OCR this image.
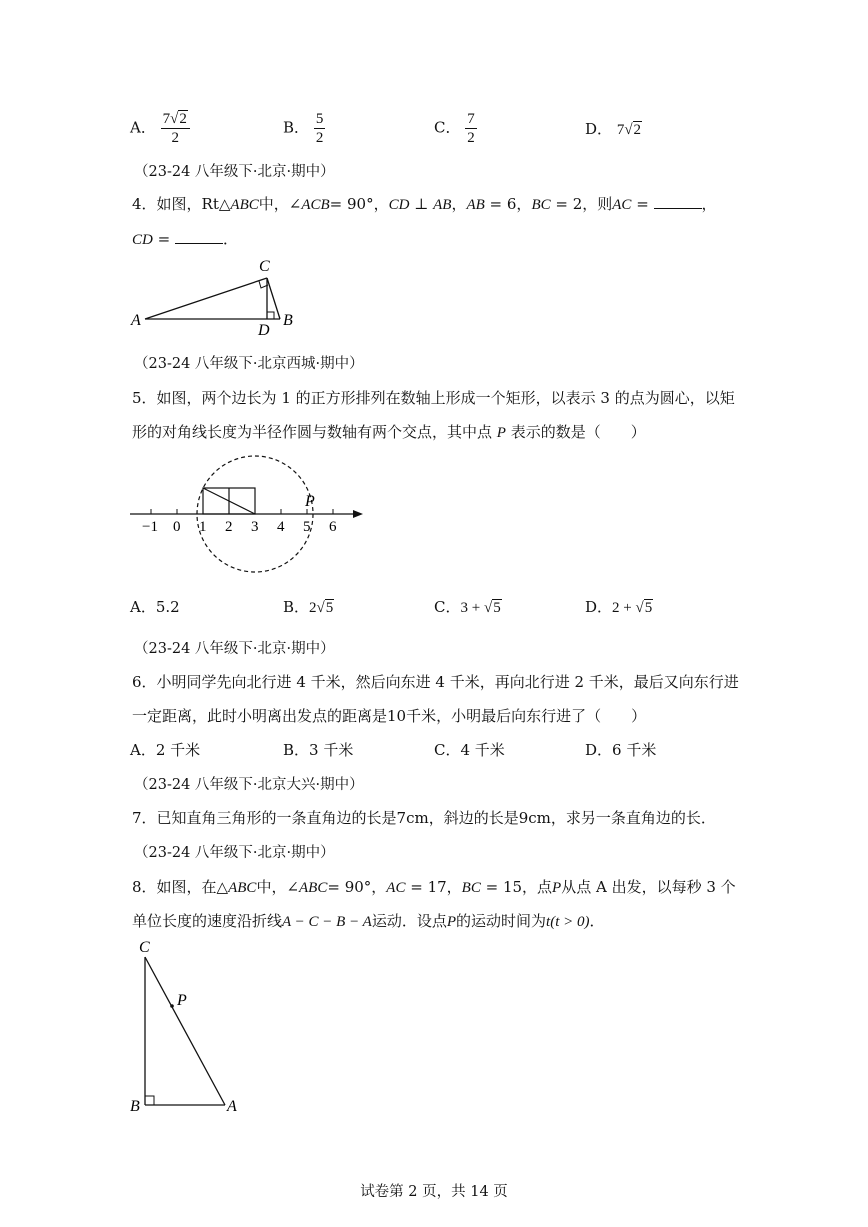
A． $\frac{7√2}{2}$	B． $\frac{5}{2}$	C． $\frac{7}{2}$	D． 7√2
（23-24 八年级下·北京·期中）
4．如图，Rt△ABC中，∠ACB= 90°，CD ⊥ AB，AB = 6，BC = 2，则AC =	，
CD =	．
A	B
C
D
（23-24 八年级下·北京西城·期中）
5．如图，两个边长为 1 的正方形排列在数轴上形成一个矩形，以表示 3 的点为圆心，以矩
形的对角线长度为半径作圆与数轴有两个交点，其中点 P 表示的数是（　　）
−1 0 1 2 3 4 5 6
P
A．5.2	B．2√5	C．3 + √5	D．2 + √5
（23-24 八年级下·北京·期中）
6．小明同学先向北行进 4 千米，然后向东进 4 千米，再向北行进 2 千米，最后又向东行进
一定距离，此时小明离出发点的距离是10千米，小明最后向东行进了（　　）
A．2 千米	B．3 千米	C．4 千米	D．6 千米
（23-24 八年级下·北京大兴·期中）
7．已知直角三角形的一条直角边的长是7cm，斜边的长是9cm，求另一条直角边的长．
（23-24 八年级下·北京·期中）
8．如图，在△ABC中，∠ABC= 90°，AC = 17，BC = 15，点P从点 A 出发，以每秒 3 个
单位长度的速度沿折线A − C − B − A运动．设点P的运动时间为t(t > 0)．
C
P
B	A
试卷第 2 页，共 14 页
